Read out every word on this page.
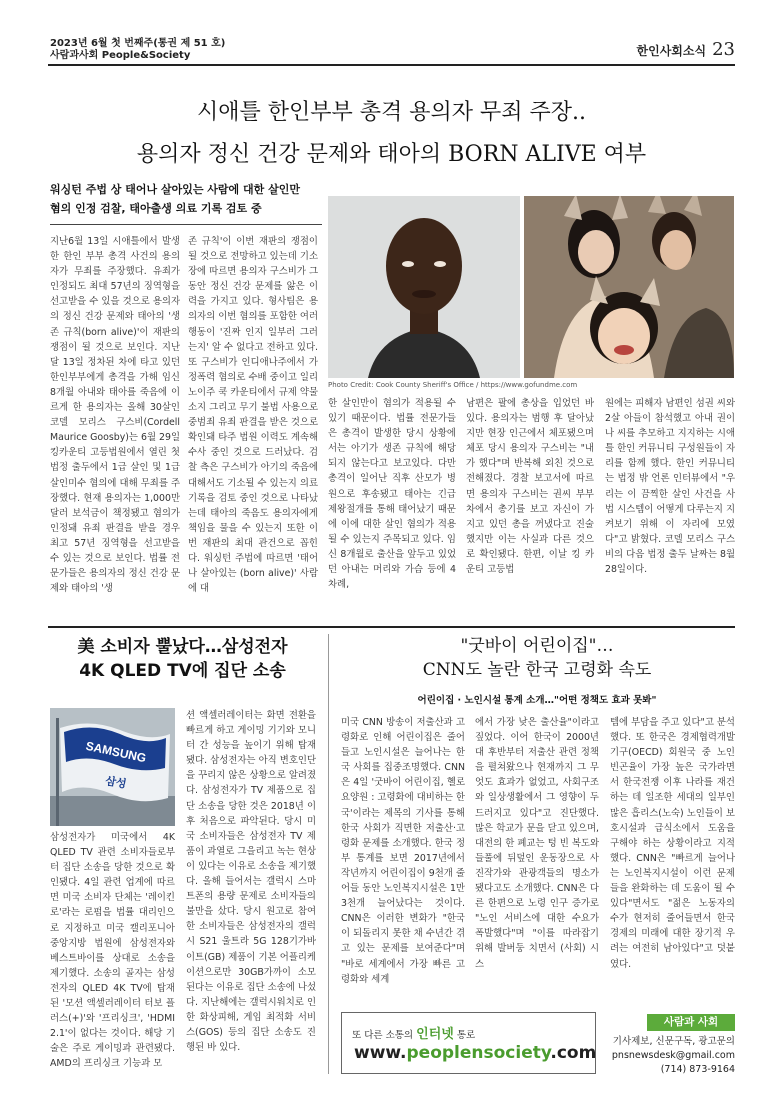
2023년 6월 첫 번째주(통권 제 51 호)
사람과사회 People&Society	한인사회소식 23
시애틀 한인부부 총격 용의자 무죄 주장..
용의자 정신 건강 문제와 태아의 BORN ALIVE 여부
워싱턴 주법 상 태어나 살아있는 사람에 대한 살인만
혐의 인정 검찰, 태아출생 의료 기록 검토 중

지난6월 13일 시애틀에서 발생한 한인 부부 총격 사건의 용의자가 무죄를 주장했다. 유죄가 인정되도 최대 57년의 징역형을 선고받을 수 있을 것으로 용의자의 정신 건강 문제와 태아의 '생존 규칙(born alive)'이 재판의 쟁점이 될 것으로 보인다. 지난 달 13일 정차된 차에 타고 있던 한인부부에게 총격을 가해 임신 8개월 아내와 태아를 죽음에 이르게 한 용의자는 올해 30살인 코델 모리스 구스비(Cordell Maurice Goosby)는 6월 29일 킹카운티 고등법원에서 열린 첫 법정 출두에서 1급 살인 및 1급 살인미수 혐의에 대해 무죄를 주장했다. 현재 용의자는 1,000만 달러 보석금이 책정됐고 혐의가 인정돼 유죄 판결을 받을 경우 최고 57년 징역형을 선고받을 수 있는 것으로 보인다. 법률 전문가들은 용의자의 정신 건강 문제와 태아의 '생

존 규칙'이 이번 재판의 쟁점이 될 것으로 전망하고 있는데 기소장에 따르면 용의자 구스비가 그동안 정신 건강 문제를 앓은 이력을 가지고 있다. 형사팀은 용의자의 이번 혐의를 포함한 여러 행동이 '진짜 인지 일부러 그러는지' 알 수 없다고 전하고 있다. 또 구스비가 인디애나주에서 가정폭력 혐의로 수배 중이고 일리노이주 쿡 카운티에서 규제 약물 소지 그리고 무기 불법 사용으로 중범죄 유죄 판결을 받은 것으로 확인돼 타주 법원 이력도 계속해 수사 중인 것으로 드러났다. 검찰 측은 구스비가 아기의 죽음에 대해서도 기소될 수 있는지 의료 기록을 검토 중인 것으로 나타났는데 태아의 죽음도 용의자에게 책임을 물을 수 있는지 또한 이번 재판의 최대 관건으로 꼽힌다. 워싱턴 주법에 따르면 '태어나 살아있는 (born alive)' 사람에 대

Photo Credit: Cook County Sheriff's Office / https://www.gofundme.com

한 살인만이 혐의가 적용될 수 있기 때문이다. 법률 전문가들은 총격이 발생한 당시 상황에서는 아기가 생존 규칙에 해당되지 않는다고 보고있다. 다만 총격이 일어난 직후 산모가 병원으로 후송됐고 태아는 긴급 제왕절개를 통해 태어났기 때문에 이에 대한 살인 혐의가 적용될 수 있는지 주목되고 있다. 임신 8개월로 출산을 앞두고 있었던 아내는 머리와 가슴 등에 4차례,

남편은 팔에 총상을 입었던 바 있다. 용의자는 범행 후 달아났지만 현장 인근에서 체포됐으며 체포 당시 용의자 구스비는 "내가 했다"며 반복해 외친 것으로 전해졌다. 경찰 보고서에 따르면 용의자 구스비는 권씨 부부 차에서 총기를 보고 자신이 가지고 있던 총을 꺼냈다고 진술했지만 이는 사실과 다른 것으로 확인됐다. 한편, 이날 킹 카운티 고등법

원에는 피해자 남편인 섬권 씨와 2살 아들이 참석했고 아내 권이나 씨를 추모하고 지지하는 시애틀 한인 커뮤니티 구성원들이 자리를 함께 했다. 한인 커뮤니티는 법정 밖 언론 인터뷰에서 "우리는 이 끔찍한 살인 사건을 사법 시스템이 어떻게 다루는지 지켜보기 위해 이 자리에 모였다"고 밝혔다. 코델 모리스 구스비의 다음 법정 출두 날짜는 8월28일이다.

美 소비자 뿔났다…삼성전자
4K QLED TV에 집단 소송
SAMSUNG
삼성

삼성전자가 미국에서 4K QLED TV 관련 소비자들로부터 집단 소송을 당한 것으로 확인됐다. 4일 관련 업계에 따르면 미국 소비자 단체는 '레이킨로'라는 로펌을 법률 대리인으로 지정하고 미국 캘리포니아 중앙지방 법원에 삼성전자와 베스트바이를 상대로 소송을 제기했다. 소송의 골자는 삼성전자의 QLED 4K TV에 탑재된 '모션 액셀러레이터 터보 플러스(+)'와 '프리싱크', 'HDMI 2.1'이 없다는 것이다. 해당 기술은 주로 게이밍과 관련됐다. AMD의 프리싱크 기능과 모

션 액셀러레이터는 화면 전환을 빠르게 하고 게이밍 기기와 모니터 간 성능을 높이기 위해 탑재됐다. 삼성전자는 아직 변호인단을 꾸리지 않은 상황으로 알려졌다. 삼성전자가 TV 제품으로 집단 소송을 당한 것은 2018년 이후 처음으로 파악된다. 당시 미국 소비자들은 삼성전자 TV 제품이 과열로 그을리고 녹는 현상이 있다는 이유로 소송을 제기했다. 올해 들어서는 갤럭시 스마트폰의 용량 문제로 소비자들의 불만을 샀다. 당시 원고로 참여한 소비자들은 삼성전자의 갤럭시 S21 울트라 5G 128기가바이트(GB) 제품이 기본 어플리케이션으로만 30GB가까이 소모된다는 이유로 집단 소송에 나섰다. 지난해에는 갤럭시워치로 인한 화상피해, 게임 최적화 서비스(GOS) 등의 집단 소송도 진행된 바 있다.

"굿바이 어린이집"…
CNN도 놀란 한국 고령화 속도
어린이집 · 노인시설 통계 소개…"어떤 정책도 효과 못봐"

미국 CNN 방송이 저출산과 고령화로 인해 어린이집은 줄어들고 노인시설은 늘어나는 한국 사회를 집중조명했다. CNN은 4일 '굿바이 어린이집, 헬로 요양원 : 고령화에 대비하는 한국'이라는 제목의 기사를 통해 한국 사회가 직면한 저출산·고령화 문제를 소개했다. 한국 정부 통계를 보면 2017년에서 작년까지 어린이집이 9천개 줄어들 동안 노인복지시설은 1만3천개 늘어났다는 것이다. CNN은 이러한 변화가 "한국이 되돌리지 못한 채 수년간 겪고 있는 문제를 보여준다"며 "바로 세계에서 가장 빠른 고령화와 세계

에서 가장 낮은 출산율"이라고 짚었다. 이어 한국이 2000년대 후반부터 저출산 관련 정책을 펼쳐왔으나 현재까지 그 무엇도 효과가 없었고, 사회구조와 일상생활에서 그 영향이 두드러지고 있다"고 진단했다. 많은 학교가 문을 닫고 있으며, 대전의 한 폐교는 텅 빈 복도와 들풀에 뒤덮인 운동장으로 사진작가와 관광객들의 명소가 됐다고도 소개했다. CNN은 다른 한편으로 노령 인구 증가로 "노인 서비스에 대한 수요가 폭발했다"며 "이를 따라잡기 위해 발버둥 치면서 (사회) 시스

템에 부담을 주고 있다"고 분석했다. 또 한국은 경제협력개발기구(OECD) 회원국 중 노인 빈곤율이 가장 높은 국가라면서 한국전쟁 이후 나라를 재건하는 데 일조한 세대의 일부인 많은 흡리스(노숙) 노인들이 보호시설과 급식소에서 도움을 구해야 하는 상황이라고 지적했다. CNN은 "빠르게 늘어나는 노인복지시설이 이런 문제들을 완화하는 데 도움이 될 수 있다"면서도 "젊은 노동자의 수가 현저히 줄어들면서 한국 경제의 미래에 대한 장기적 우려는 여전히 남아있다"고 덧붙였다.

또 다른 소통의 인터넷 통로
www.peoplensociety.com
사람과 사회
기사제보, 신문구독, 광고문의
pnsnewsdesk@gmail.com
(714) 873-9164
